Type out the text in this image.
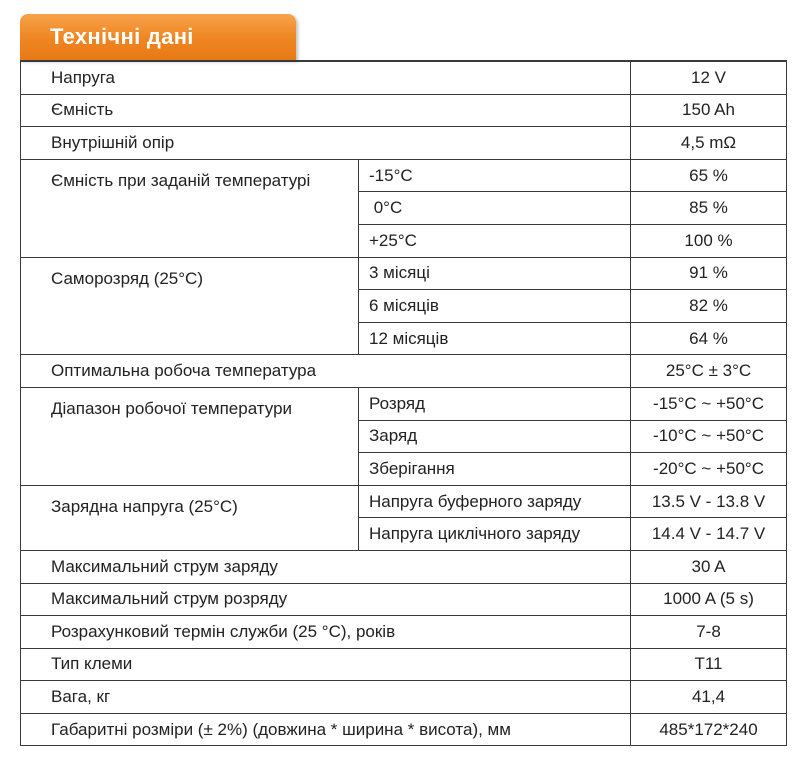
Технічні дані
Напруга		12 V
Ємність		150 Ah
Внутрішній опір		4,5 mΩ
Ємність при заданій температурі	-15°C	65 %
	0°C	85 %
	+25°C	100 %
Саморозряд (25°C)	3 місяці	91 %
	6 місяців	82 %
	12 місяців	64 %
Оптимальна робоча температура		25°C ± 3°C
Діапазон робочої температури	Розряд	-15°C ~ +50°C
	Заряд	-10°C ~ +50°C
	Зберігання	-20°C ~ +50°C
Зарядна напруга (25°C)	Напруга буферного заряду	13.5 V - 13.8 V
	Напруга циклічного заряду	14.4 V - 14.7 V
Максимальний струм заряду		30 A
Максимальний струм розряду		1000 A (5 s)
Розрахунковий термін служби (25 °C), років		7-8
Тип клеми		T11
Вага, кг		41,4
Габаритні розміри (± 2%) (довжина * ширина * висота), мм		485*172*240
